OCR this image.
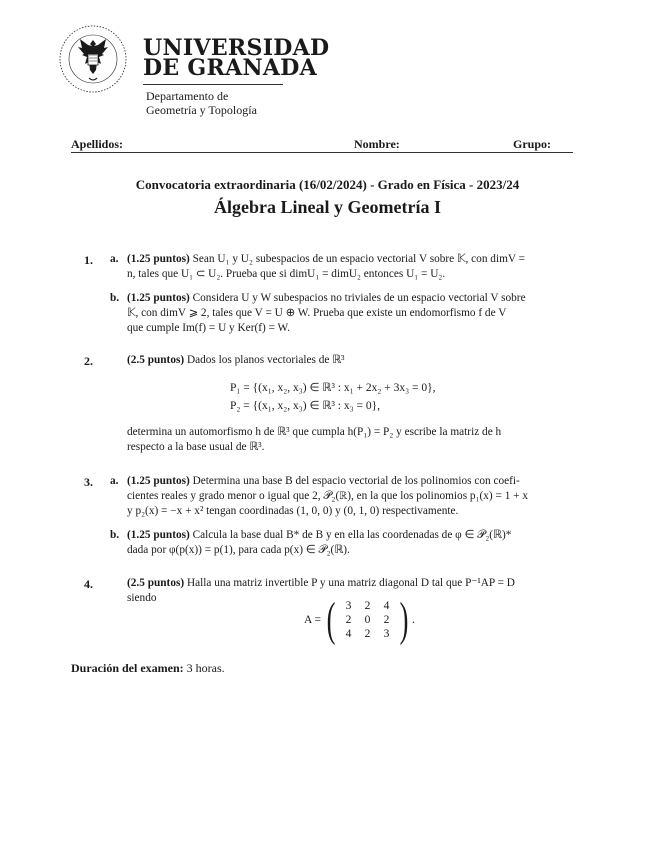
UNIVERSIDAD
DE GRANADA
Departamento de
Geometría y Topología
Apellidos:	Nombre:	Grupo:
Convocatoria extraordinaria (16/02/2024) - Grado en Física - 2023/24
Álgebra Lineal y Geometría I
1. a. (1.25 puntos) Sean U₁ y U₂ subespacios de un espacio vectorial V sobre 𝕂, con dimV =
n, tales que U₁ ⊂ U₂. Prueba que si dimU₁ = dimU₂ entonces U₁ = U₂.
b. (1.25 puntos) Considera U y W subespacios no triviales de un espacio vectorial V sobre
𝕂, con dimV ⩾ 2, tales que V = U ⊕ W. Prueba que existe un endomorfismo f de V
que cumple Im(f) = U y Ker(f) = W.
2.	(2.5 puntos) Dados los planos vectoriales de ℝ³
P₁ = {(x₁, x₂, x₃) ∈ ℝ³ : x₁ + 2x₂ + 3x₃ = 0},
P₂ = {(x₁, x₂, x₃) ∈ ℝ³ : x₃ = 0},
determina un automorfismo h de ℝ³ que cumpla h(P₁) = P₂ y escribe la matriz de h
respecto a la base usual de ℝ³.
3. a. (1.25 puntos) Determina una base B del espacio vectorial de los polinomios con coefi-
cientes reales y grado menor o igual que 2, 𝒫₂(ℝ), en la que los polinomios p₁(x) = 1 + x
y p₂(x) = −x + x² tengan coordinadas (1, 0, 0) y (0, 1, 0) respectivamente.
b. (1.25 puntos) Calcula la base dual B* de B y en ella las coordenadas de φ ∈ 𝒫₂(ℝ)*
dada por φ(p(x)) = p(1), para cada p(x) ∈ 𝒫₂(ℝ).
4.	(2.5 puntos) Halla una matriz invertible P y una matriz diagonal D tal que P⁻¹AP = D
siendo
A = ( 3	2	4
2	0	2
4	2	3 ) .
Duración del examen: 3 horas.
